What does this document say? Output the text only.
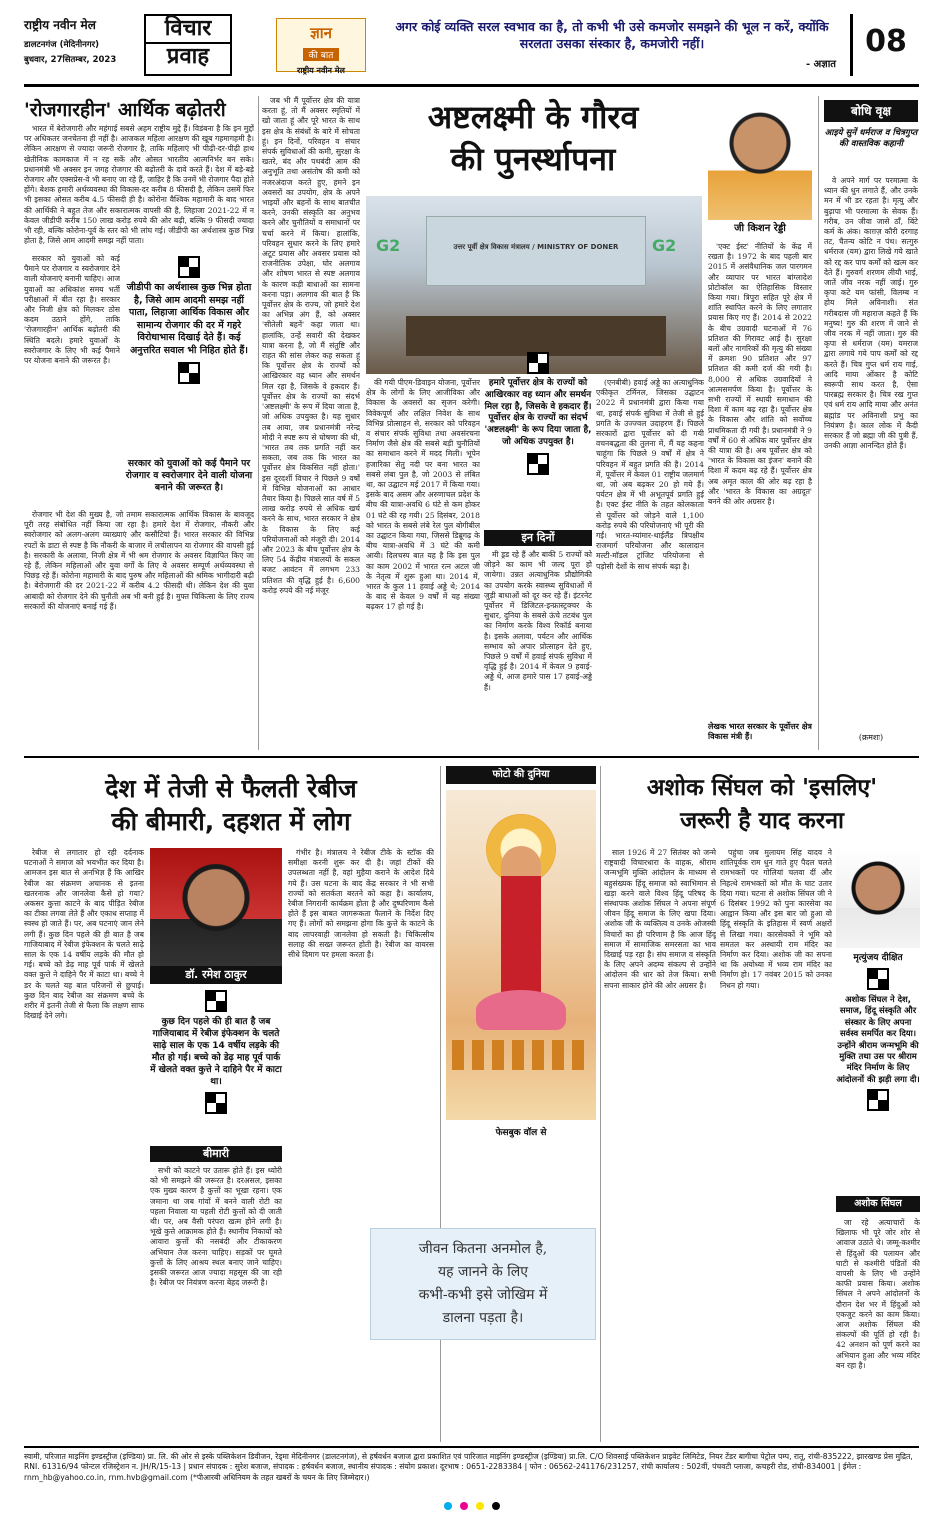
राष्ट्रीय नवीन मेल
डालटनगंज (मेदिनीनगर)
बुधवार, 27सितम्बर, 2023
विचार
प्रवाह
ज्ञान
की बात
राष्ट्रीय नवीन मेल
अगर कोई व्यक्ति सरल स्वभाव का है, तो कभी भी उसे कमजोर समझने की भूल न करें, क्योंकि
सरलता उसका संस्कार है, कमजोरी नहीं।
- अज्ञात
08
'रोजगारहीन' आर्थिक बढ़ोतरी

भारत में बेरोजगारी और महंगाई सबसे अहम राष्ट्रीय मुद्दे हैं। विडंबना है कि इन मुद्दों पर अधिकतर जनचेतना ही नहीं है। आजकल महिला आरक्षण की खूब गहमागहमी है। लेकिन आरक्षण से ज्यादा जरूरी रोजगार है, ताकि महिलाएं भी पीढ़ी-दर-पीढ़ी हाथ खेतीनिक कामकाज में न रह सकें और ओसत भारतीय आत्मनिर्भर बन सके। प्रधानमंत्री भी अक्सर इन जगह रोजगार की बढ़ोतरी के दावे करते हैं। देश में बड़े-बड़े रोजगार और एक्सप्रेस-वे भी बनाए जा रहे हैं, जाहिर है कि उनमें भी रोजगार पैदा होते होंगे। बेशक हमारी अर्थव्यवस्था की विकास-दर करीब 8 फीसदी है, लेकिन उसमें फिर भी इसका ओसत करीब 4.5 फीसदी ही है। कोरोना वैश्विक महामारी के बाद भारत की आर्थिकी ने बहुत तेज और सकारात्मक वापसी की है, लिहाजा 2021-22 में न केवल जीडीपी करीब 150 लाख करोड़ रुपये की ओर बढ़ी, बल्कि 9 फीसदी ज्यादा भी रही, बल्कि कोरोना-पूर्व के स्तर को भी लांघ गई। जीडीपी का अर्थशास्त्र कुछ भिन्न होता है, जिसे आम आदमी समझ नहीं पाता।

सरकार को युवाओं को कई पैमाने पर रोजगार व स्वरोजगार देने वाली योजनाएं बनानी चाहिए। आज युवाओं का अधिकांश समय भर्ती परीक्षाओं में बीत रहा है। सरकार और निजी क्षेत्र को मिलकर ठोस कदम उठाने होंगे, ताकि 'रोजगारहीन' आर्थिक बढ़ोतरी की स्थिति बदले। हमारे युवाओं के स्वरोजगार के लिए भी कई पैमाने पर योजना बनाने की जरूरत है।

जीडीपी का अर्थशास्त्र कुछ भिन्न होता है, जिसे आम आदमी समझ नहीं पाता, लिहाजा आर्थिक विकास और सामान्य रोजगार की दर में गहरे विरोधाभास दिखाई देते हैं। कई अनुत्तरित सवाल भी निहित होते हैं।
सरकार को युवाओं को कई पैमाने पर रोजगार व स्वरोजगार देने वाली योजना बनाने की जरूरत है।

रोजगार भी देश की मुख्य है, जो तमाम सकारात्मक आर्थिक विकास के बावजूद पूरी तरह संबोधित नहीं किया जा रहा है। हमारे देश में रोजगार, नौकरी और स्वरोजगार को अलग-अलग व्याख्याएं और कसौटियां हैं। भारत सरकार की विभिन्न रपटों के डाटा से स्पष्ट है कि नौकरी के बाजार में लचीलापन या रोजगार की वापसी हुई है। सरकारी के अलावा, निजी क्षेत्र में भी श्रम रोजगार के अवसर विज्ञापित किए जा रहे हैं, लेकिन महिलाओं और युवा वर्गों के लिए ये अवसर सम्पूर्ण अर्थव्यवस्था से पिछड़ रहे हैं। कोरोना महामारी के बाद पुरुष और महिलाओं की श्रमिक भागीदारी बढ़ी है। बेरोजगारी की दर 2021-22 में करीब 4.2 फीसदी थी। लेकिन देश की युवा आबादी को रोजगार देने की चुनौती अब भी बनी हुई है। मुफ्त चिकित्सा के लिए राज्य सरकारों की योजनाएं बनाई गई हैं।

जब भी मैं पूर्वोत्तर क्षेत्र की यात्रा करता हूं, तो मैं अक्सर स्मृतियों में खो जाता हूं और पूरे भारत के साथ इस क्षेत्र के संबंधों के बारे में सोचता हूं। इन दिनों, परिवहन व संचार संपर्क सुविधाओं की कमी, सुरक्षा के खतरे, बंद और पथबंदी आम की अनुभूति तथा असंतोष की कमी को नजरअंदाज करते हुए, हमने इन अवसरों का उपयोग, क्षेत्र के अपने भाइयों और बहनों के साथ बातचीत करने, उनकी संस्कृति का अनुभव करने और चुनौतियों व समाधानों पर चर्चा करने में किया। हालांकि, परिवहन सुधार करने के लिए हमारे अटूट प्रयास और अवसर प्रयास को राजनीतिक उपेक्षा, घोर अलगाव और शोषण भारत से स्पष्ट अलगाव के कारण कड़ी बाधाओं का सामना करना पड़ा। अलगाव की बात है कि पूर्वोत्तर क्षेत्र के राज्य, जो हमारे देश का अभिन्न अंग हैं, को अक्सर 'सीतेली बहनें' कहा जाता था। हालांकि, उन्हें सवारी की देखकर यात्रा करना है, जो मैं संतुष्टि और राहत की सांस लेकर कह सकता हूं कि पूर्वोत्तर क्षेत्र के राज्यों को आखिरकार वह ध्यान और समर्थन मिल रहा है, जिसके वे हकदार हैं। पूर्वोत्तर क्षेत्र के राज्यों का संदर्भ 'अष्टलक्ष्मी' के रूप में दिया जाता है, जो अधिक उपयुक्त है। यह सुधार तब आया, जब प्रधानमंत्री नरेन्द्र मोदी ने स्पष्ट रूप से घोषणा की थी, 'भारत तब तक प्रगति नहीं कर सकता, जब तक कि भारत का पूर्वोत्तर क्षेत्र विकसित नहीं होता।' इस दूरदर्शी विचार ने पिछले 9 वर्षों में विभिन्न योजनाओं का आधार तैयार किया है। पिछले सात वर्ष में 5 लाख करोड़ रुपये से अधिक खर्च करने के साथ, भारत सरकार ने क्षेत्र के विकास के लिए कई परियोजनाओं को मंजूरी दी। 2014 और 2023 के बीच पूर्वोत्तर क्षेत्र के लिए 54 केंद्रीय मंत्रालयों के सकल बजट आवंटन में लगभग 233 प्रतिशत की वृद्धि हुई है। 6,600 करोड़ रुपये की नई मंजूर

अष्टलक्ष्मी के गौरव
की पुनर्स्थापना
उत्तर पूर्वी क्षेत्र विकास मंत्रालय / MINISTRY OF DONER
G2	G2
जी किशन रेड्डी

की गयी पीएम-डिवाइन योजना, पूर्वोत्तर क्षेत्र के लोगों के लिए आजीविका और विकास के अवसरों का सृजन करेगी। विवेकपूर्ण और लक्षित निवेश के साथ विभिन्न प्रोत्साहन से, सरकार को परिवहन व संचार संपर्क सुविधा तथा अवसंरचना निर्माण जैसे क्षेत्र की सबसे बड़ी चुनौतियों का समाधान करने में मदद मिली। भूपेन हजारिका सेतु नदी पर बना भारत का सबसे लंबा पुल है, जो 2003 से लंबित था, का उद्घाटन मई 2017 में किया गया। इसके बाद असम और अरुणाचल प्रदेश के बीच की यात्रा-अवधि 6 घंटे से कम होकर 01 घंटे की रह गयी। 25 दिसंबर, 2018 को भारत के सबसे लंबे रेल पुल बोगीबील का उद्घाटन किया गया, जिससे डिब्रूगढ़ के बीच यात्रा-अवधि में 3 घंटे की कमी आयी। दिलचस्प बात यह है कि इस पुल का काम 2002 में भारत रत्न अटल जी के नेतृत्व में शुरू हुआ था। 2014 में, भारत के कुल 11 हवाई अड्डे थे; 2014 के बाद से केवल 9 वर्षों में यह संख्या बढ़कर 17 हो गई है।

हमारे पूर्वोत्तर क्षेत्र के राज्यों को आखिरकार वह ध्यान और समर्थन मिल रहा है, जिसके वे हकदार हैं। पूर्वोत्तर क्षेत्र के राज्यों का संदर्भ 'अष्टलक्ष्मी' के रूप दिया जाता है, जो अधिक उपयुक्त है।
इन दिनों

मी ड्रड रहे हैं और बाकी 5 राज्यों को जोड़ने का काम भी जल्द पूरा हो जायेगा। उन्नत अत्याधुनिक प्रौद्योगिकी का उपयोग करके स्वास्थ्य सुविधाओं में जुड़ी बाधाओं को दूर कर रहे हैं। इंटरनेट पूर्वोत्तर में डिजिटल-इन्फ्रास्ट्रक्चर के सुधार, दुनिया के सबसे ऊंचे तटबंध पुल का निर्माण करके विश्व रिकॉर्ड बनाया है। इसके अलावा, पर्यटन और आर्थिक सम्भाव को अपार प्रोत्साहन देते हुए, पिछले 9 वर्षों में हवाई संपर्क सुविधा में वृद्धि हुई है। 2014 में केवल 9 हवाई-अड्डे थे, आज हमारे पास 17 हवाई-अड्डे हैं।

(एनबीबी) हवाई अड्डे का अत्याधुनिक एकीकृत टर्मिनल, जिसका उद्घाटन 2022 में प्रधानमंत्री द्वारा किया गया था, हवाई संपर्क सुविधा में तेजी से हुई प्रगति के उज्ज्वल उदाहरण हैं। पिछले सरकारों द्वारा पूर्वोत्तर को दी गयी वचनबद्धता की तुलना में, मैं यह कहना चाहूंगा कि पिछले 9 वर्षों में क्षेत्र ने परिवहन में बहुत प्रगति की है। 2014 में, पूर्वोत्तर में केवल 01 राष्ट्रीय जलमार्ग था, जो अब बढ़कर 20 हो गये हैं। पर्यटन क्षेत्र में भी अभूतपूर्व प्रगति हुई है। एक्ट ईस्ट नीति के तहत कोलकाता से पूर्वोत्तर को जोड़ने वाले 1,100 करोड़ रुपये की परियोजनाएं भी पूरी की गईं। भारत-म्यांमार-थाईलैंड त्रिपक्षीय राजमार्ग परियोजना और कालादान मल्टी-मॉडल ट्रांजिट परियोजना से पड़ोसी देशों के साथ संपर्क बढ़ा है।

'एक्ट ईस्ट' नीतियों के केंद्र में रखता है। 1972 के बाद पहली बार 2015 में असंवैधानिक जल पारगमन और व्यापार पर भारत बांग्लादेश प्रोटोकॉल का ऐतिहासिक विस्तार किया गया। त्रिपुरा सहित पूरे क्षेत्र में शांति स्थापित करने के लिए लगातार प्रयास किए गए हैं। 2014 से 2022 के बीच उग्रवादी घटनाओं में 76 प्रतिशत की गिरावट आई है। सुरक्षा बलों और नागरिकों की मृत्यु की संख्या में क्रमशः 90 प्रतिशत और 97 प्रतिशत की कमी दर्ज की गयी है। 8,000 से अधिक उग्रवादियों ने आत्मसमर्पण किया है। पूर्वोत्तर के सभी राज्यों में स्थायी समाधान की दिशा में काम बढ़ रहा है। पूर्वोत्तर क्षेत्र के विकास और शांति को सर्वोच्च प्राथमिकता दी गयी है। प्रधानमंत्री ने 9 वर्षों में 60 से अधिक बार पूर्वोत्तर क्षेत्र की यात्रा की है। अब पूर्वोत्तर क्षेत्र को 'भारत के विकास का इंजन' बनाने की दिशा में कदम बढ़ रहे हैं। पूर्वोत्तर क्षेत्र अब अमृत काल की ओर बढ़ रहा है और 'भारत के विकास का अग्रदूत' बनने की ओर अग्रसर है।

लेखक भारत सरकार के पूर्वोत्तर क्षेत्र विकास मंत्री हैं।
बोधि वृक्ष
आइये सुनें धर्मराज व चित्रगुप्त की वास्तविक कहानी

वे अपने मार्ग पर परमात्मा के ध्यान की धुन लगाते हैं, और उनके मन में भी डर रहता है। मृत्यु और बुढ़ापा भी परमात्मा के सेवक हैं। गरीब, उन जीवा जासे ठाँ, बिंटे कर्म के अंक। काग़ज़ कौरी दरगाह तट, चैतन्य कोटि न पंथ। सत्गुरु धर्मराज (यम) द्वारा लिखे गये खाते को रद्द कर पाप कर्मों को खत्म कर देते हैं। गुरुवर्ग शरणम लीयौ भाई, जातें जीव नरक नहीं जाई। गुरु कृपा कटे यम फांसी, विलम्ब न होय मिले अविनाशी। संत गरीबदास जी महाराज कहते हैं कि मनुष्य! गुरु की शरण में जाने से जीव नरक में नहीं जाता। गुरु की कृपा से धर्मराज (यम) यमराज द्वारा लगाये गये पाप कर्मों को रद्द करते हैं। चित्र गुप्त धर्म राय गाई, आदि माया ओंकार है कोटि स्वरूपी साथ करत है, ऐसा पारब्रह्म सरकार है। चित्र रख गुप्त एवं धर्म राय आदि माया और अनंत ब्रह्मांड पर अविनाशी प्रभु का नियंत्रण है। काल लोक में कैदी सरकार हैं जो ब्रह्मा जी की पुत्री हैं, उनकी आज्ञा आनन्दित होते हैं।

(क्रमशः)
देश में तेजी से फैलती रेबीज
की बीमारी, दहशत में लोग

रेबीज से लगातार हो रही दर्दनाक घटनाओं ने समाज को भयभीत कर दिया है। आमजन इस बात से अनभिज्ञ हैं कि आखिर रेबीज का संक्रमण अचानक से इतना खतरनाक और जानलेवा कैसे हो गया? अकसर कुत्ता काटने के बाद पीड़ित रेबीज का टीका लगवा लेते हैं और एकाध सप्ताह में स्वस्थ हो जाते हैं। पर, अब घटनाएं जान लेने लगी हैं। कुछ दिन पहले की ही बात है जब गाजियाबाद में रेबीज इंफेक्शन के चलते साढ़े साल के एक 14 वर्षीय लड़के की मौत हो गई। बच्चे को डेढ़ माह पूर्व पार्क में खेलते वक्त कुत्ते ने दाहिने पैर में काटा था। बच्चे ने डर के चलते यह बात परिजनों से छुपाई। कुछ दिन बाद रेबीज का संक्रमण बच्चे के शरीर में इतनी तेजी से फैला कि लक्षण साफ दिखाई देने लगे।

डॉ. रमेश ठाकुर
कुछ दिन पहले की ही बात है जब गाजियाबाद में रेबीज इंफेक्शन के चलते साढ़े साल के एक 14 वर्षीय लड़के की मौत हो गई। बच्चे को डेढ़ माह पूर्व पार्क में खेलते वक्त कुत्ते ने दाहिने पैर में काटा था।
बीमारी

सभी को काटने पर उतारू होते हैं। इस थ्योरी को भी समझने की जरूरत है। दरअसल, इसका एक मुख्य कारण है कुत्तों का भूखा रहना। एक जमाना था जब गांवों में बनने वाली रोटी का पहला निवाला या पहली रोटी कुत्तों को दी जाती थी। पर, अब वैसी परंपरा खत्म होने लगी है। भूखे कुत्ते आक्रामक होते हैं। स्थानीय निकायों को आवारा कुत्तों की नसबंदी और टीकाकरण अभियान तेज करना चाहिए। सड़कों पर घूमते कुत्तों के लिए आश्रय स्थल बनाए जाने चाहिए। इसकी जरूरत आज ज्यादा महसूस की जा रही है। रेबीज पर नियंत्रण करना बेहद जरूरी है।

गंभीर है। मंत्रालय ने रेबीज टीके के स्टॉक की समीक्षा करनी शुरू कर दी है। जहां टीकों की उपलब्धता नहीं है, वहां मुहैया कराने के आदेश दिये गये हैं। उस घटना के बाद केंद्र सरकार ने भी सभी राज्यों को सतर्कता बरतने को कहा है। कार्यालय, रेबीज निगरानी कार्यक्रम होता है और दुष्परिणाम कैसे होते हैं इस बाबत जागरूकता फैलाने के निर्देश दिए गए हैं। लोगों को समझना होगा कि कुत्ते के काटने के बाद लापरवाही जानलेवा हो सकती है। चिकित्सीय सलाह की सख्त जरूरत होती है। रेबीज का वायरस सीधे दिमाग पर हमला करता है।

फोटो की दुनिया
फेसबुक वॉल से
जीवन कितना अनमोल है,
यह जानने के लिए
कभी-कभी इसे जोखिम में
डालना पड़ता है।
अशोक सिंघल को 'इसलिए'
जरूरी है याद करना

साल 1926 में 27 सितंबर को जन्मे राष्ट्रवादी विचारधारा के वाहक, श्रीराम जन्मभूमि मुक्ति आंदोलन के माध्यम से बहुसंख्यक हिंदू समाज को स्वाभिमान से खड़ा करने वाले विश्व हिंदू परिषद के संस्थापक अशोक सिंघल ने अपना संपूर्ण जीवन हिंदू समाज के लिए खपा दिया। अशोक जी के व्यक्तित्व व उनके ओजस्वी विचारों का ही परिणाम है कि आज हिंदू समाज में सामाजिक समरसता का भाव दिखाई पड़ रहा है। संघ समाज व संस्कृति के लिए अपने अदम्य संकल्प से उन्होंने आंदोलन की धार को तेज किया। सभी सपना साकार होने की ओर अग्रसर है।

पहुंचा जब मुलायम सिंह यादव ने शांतिपूर्वक राम धुन गाते हुए पैदल चलते रामभक्तों पर गोलियां चलवा दीं और निहत्थे रामभक्तों को मौत के घाट उतार दिया गया। घटना से अशोक सिंघल जी ने 6 दिसंबर 1992 को पुनः कारसेवा का आह्वान किया और इस बार जो हुआ वो हिंदू संस्कृति के इतिहास में स्वर्ण अक्षरों से लिखा गया। कारसेवकों ने भूमि को समतल कर अस्थायी राम मंदिर का निर्माण कर दिया। अशोक जी का सपना था कि अयोध्या में भव्य राम मंदिर का निर्माण हो। 17 नवंबर 2015 को उनका निधन हो गया।

मृत्युंजय दीक्षित
अशोक सिंघल ने देश, समाज, हिंदू संस्कृति और संस्कार के लिए अपना सर्वस्व समर्पित कर दिया। उन्होंने श्रीराम जन्मभूमि की मुक्ति तथा उस पर श्रीराम मंदिर निर्माण के लिए आंदोलनों की झड़ी लगा दी।
अशोक सिंघल

जा रहे अत्याचारों के खिलाफ भी पूरे जोर शोर से आवाज उठाते थे। जम्मू-कश्मीर से हिंदुओं की पलायन और घाटी से कश्मीरी पंडितों की वापसी के लिए भी उन्होंने काफी प्रयास किया। अशोक सिंघल ने अपने आंदोलनों के दौरान देश भर में हिंदुओं को एकजुट करने का काम किया। आज अशोक सिंघल की संकल्पों की पूर्ति हो रही है। 42 अनशन को पूर्ण करने का अभियान हुआ और भव्य मंदिर बन रहा है।

स्वामी, परिजात माइनिंग इण्डस्ट्रीज (इण्डिया) प्रा. लि. की ओर से इस्के पब्लिकेशन डिवीजन, रेड्मा मेदिनीनगर (डालटनगंज), से हर्षवर्धन बजाज द्वारा प्रकाशित एवं पारिजात माइनिंग इण्डस्ट्रीज (इण्डिया) प्रा.लि. C/O शिवसाई पब्लिकेशन प्राइवेट लिमिटेड, नियर टेंडर बागीचा पेट्रोल पम्प, रातू, रांची-835222, झारखण्ड प्रेस मुद्रित, RNI. 61316/94 फोन्टल रजिस्ट्रेशन न. JH/R/15-13 | प्रधान संपादक : सुरेश बजाज, संपादक : हर्षवर्धन बजाज, स्थानीय संपादक : संयोग प्रकाश। दूरभाष : 0651-2283384 | फोन : 06562-241176/231257, रांची कार्यालय : 502वीं, पंचवटी प्लाजा, कचहरी रोड, रांची-834001 | ईमेल : rnm_hb@yahoo.co.in, rnm.hvb@gmail.com (*पीआरबी अधिनियम के तहत खबरों के चयन के लिए जिम्मेदार।)
